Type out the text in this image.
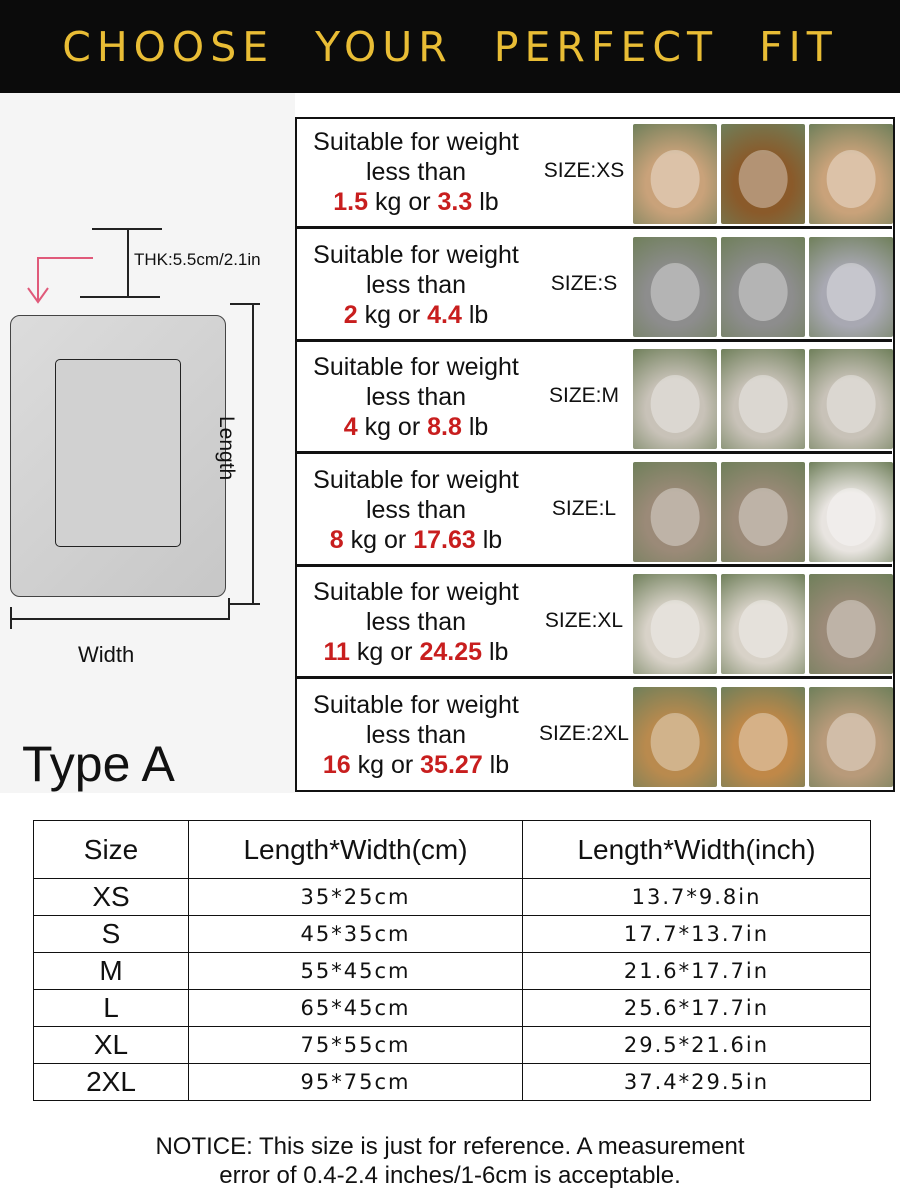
CHOOSE YOUR PERFECT FIT
THK:5.5cm/2.1in
Length
Width
Type A
Suitable for weight
less than
1.5 kg or 3.3 lb
SIZE:XS
Suitable for weight
less than
2 kg or 4.4 lb
SIZE:S
Suitable for weight
less than
4 kg or 8.8 lb
SIZE:M
Suitable for weight
less than
8 kg or 17.63 lb
SIZE:L
Suitable for weight
less than
11 kg or 24.25 lb
SIZE:XL
Suitable for weight
less than
16 kg or 35.27 lb
SIZE:2XL
Size	Length*Width(cm)	Length*Width(inch)
XS	35*25cm	13.7*9.8in
S	45*35cm	17.7*13.7in
M	55*45cm	21.6*17.7in
L	65*45cm	25.6*17.7in
XL	75*55cm	29.5*21.6in
2XL	95*75cm	37.4*29.5in
NOTICE: This size is just for reference. A measurement
error of 0.4-2.4 inches/1-6cm is acceptable.
